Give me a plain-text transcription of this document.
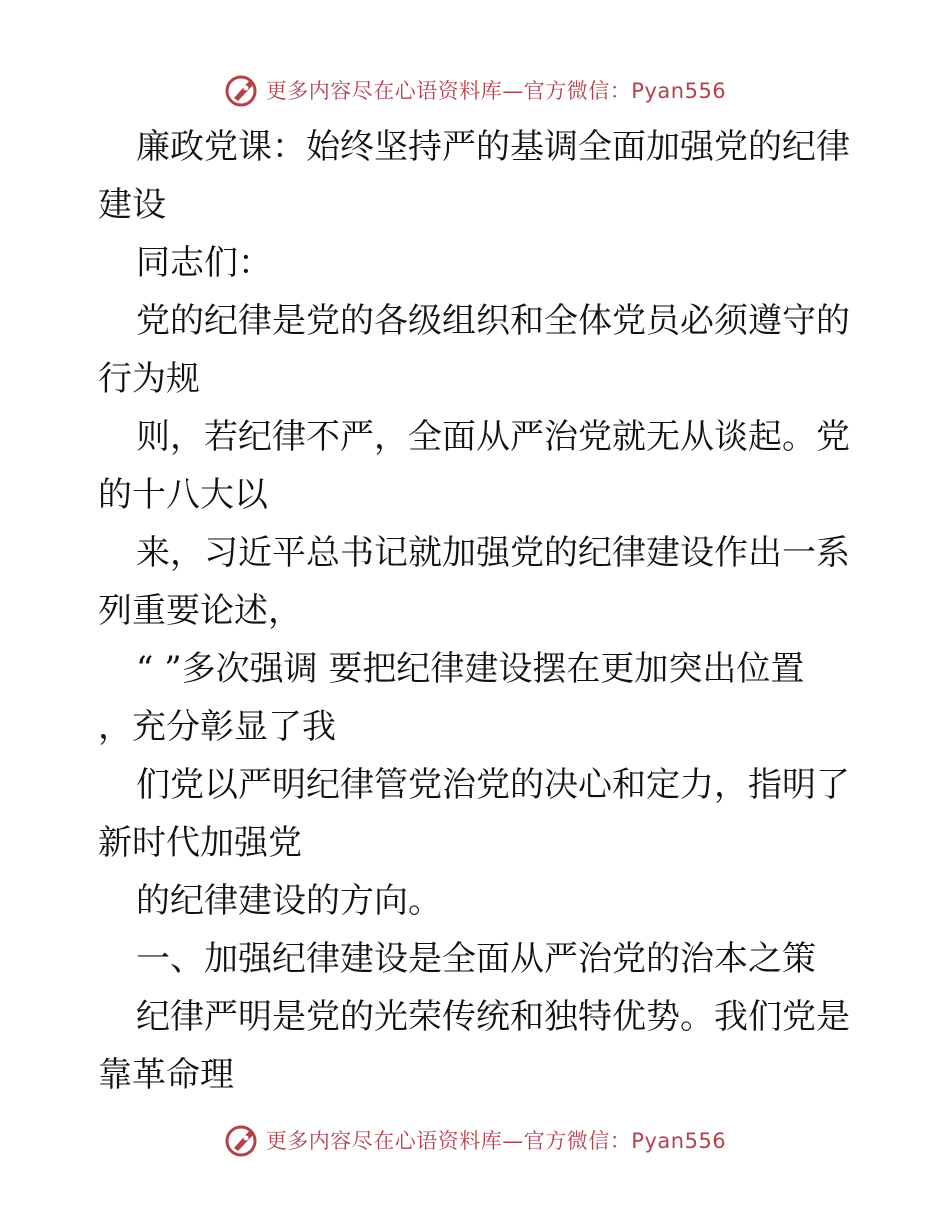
更多内容尽在心语资料库—官方微信：Pyan556
廉政党课：始终坚持严的基调全面加强党的纪律
建设
同志们：
党的纪律是党的各级组织和全体党员必须遵守的
行为规
则，若纪律不严，全面从严治党就无从谈起。党
的十八大以
来，习近平总书记就加强党的纪律建设作出一系
列重要论述，
“ ”多次强调 要把纪律建设摆在更加突出位置
，充分彰显了我
们党以严明纪律管党治党的决心和定力，指明了
新时代加强党
的纪律建设的方向。
一、加强纪律建设是全面从严治党的治本之策
纪律严明是党的光荣传统和独特优势。我们党是
靠革命理
更多内容尽在心语资料库—官方微信：Pyan556
